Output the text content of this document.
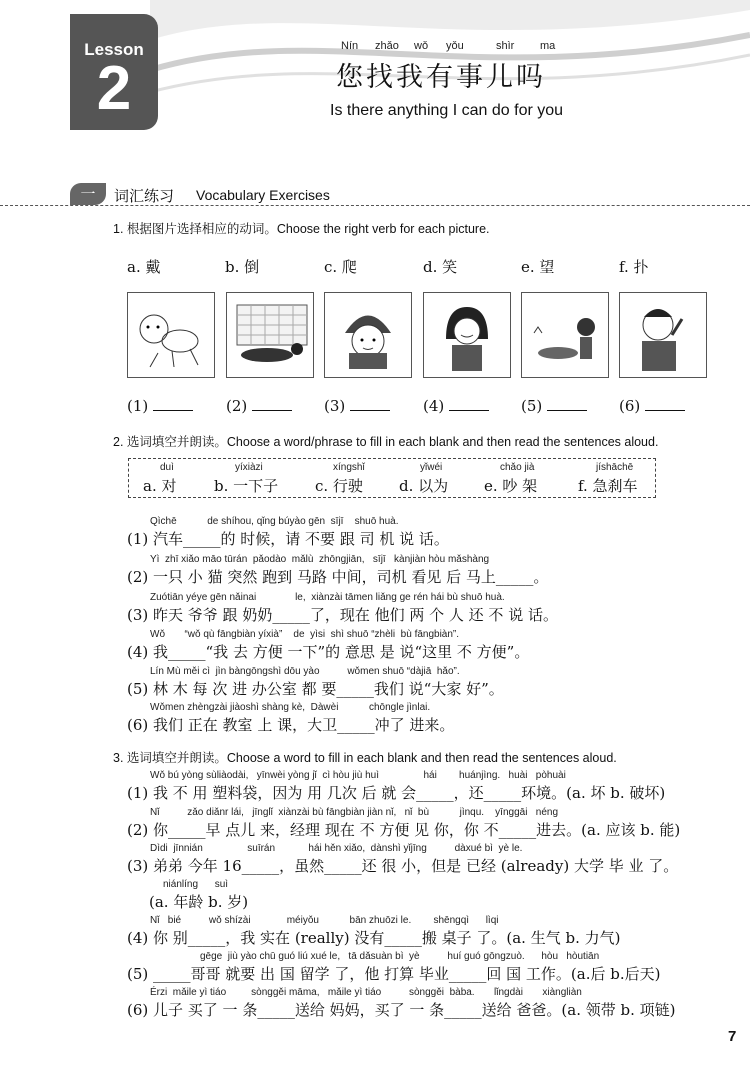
Lesson
2
Nín zhǎo wǒ yǒu	shìr ma
您找我有事儿吗
Is there anything I can do for you
一	词汇练习 Vocabulary Exercises
1. 根据图片选择相应的动词。Choose the right verb for each picture.
a. 戴	b. 倒	c. 爬	d. 笑	e. 望	f. 扑
(1)	(2)	(3)	(4)	(5)	(6)
2. 选词填空并朗读。Choose a word/phrase to fill in each blank and then read the sentences aloud.
duì
a. 对
yíxiàzi
b. 一下子
xíngshǐ
c. 行驶
yǐwéi
d. 以为
chǎo jià
e. 吵 架
jíshāchē
f. 急刹车
Qìchē           de shíhou, qǐng búyào gēn  sījī    shuō huà.
(1) 汽车_____的 时候，请 不要 跟 司 机 说 话。
Yì  zhī xiǎo māo tūrán  pǎodào  mǎlù  zhōngjiān,   sījī   kànjiàn hòu mǎshàng
(2) 一只 小 猫 突然 跑到 马路 中间，司机 看见 后 马上_____。
Zuótiān yéye gēn nǎinai              le,  xiànzài tāmen liǎng ge rén hái bù shuō huà.
(3) 昨天 爷爷 跟 奶奶_____了，现在 他们 两 个 人 还 不 说 话。
Wǒ       “wǒ qù fāngbiàn yíxià”    de  yìsi  shì shuō “zhèli  bù fāngbiàn”.
(4) 我_____“我 去 方便 一下”的 意思 是 说“这里 不 方便”。
Lín Mù měi cì  jìn bàngōngshì dōu yào          wǒmen shuō “dàjiā  hǎo”.
(5) 林 木 每 次 进 办公室 都 要_____我们 说“大家 好”。
Wǒmen zhèngzài jiàoshì shàng kè,  Dàwèi           chōngle jìnlai.
(6) 我们 正在 教室 上 课，大卫_____冲了 进来。
3. 选词填空并朗读。Choose a word to fill in each blank and then read the sentences aloud.
Wǒ bú yòng sùliàodài,   yīnwèi yòng jǐ  cì hòu jiù huì                hái        huánjìng.   huài   pòhuài
(1) 我 不 用 塑料袋，因为 用 几次 后 就 会_____，还_____环境。(a. 坏 b. 破坏)
Nǐ          zǎo diǎnr lái,   jīnglǐ  xiànzài bù fāngbiàn jiàn nǐ,   nǐ  bù           jìnqu.    yīnggāi   néng
(2) 你_____早 点儿 来，经理 现在 不 方便 见 你，你 不_____进去。(a. 应该 b. 能)
Dìdi  jīnnián                suīrán            hái hěn xiǎo,  dànshì yǐjīng          dàxué bì  yè le.
(3) 弟弟 今年 16_____，虽然_____还 很 小，但是 已经 (already) 大学 毕 业 了。
niánlíng      suì
(a. 年龄 b. 岁)
Nǐ   bié          wǒ shízài             méiyǒu           bān zhuōzi le.        shēngqì      lìqi
(4) 你 别_____，我 实在 (really) 没有_____搬 桌子 了。(a. 生气 b. 力气)
gēge  jiù yào chū guó liú xué le,   tā dǎsuàn bì  yè          huí guó gōngzuò.      hòu   hòutiān
(5) _____哥哥 就要 出 国 留学 了，他 打算 毕业_____回 国 工作。(a.后 b.后天)
Érzi  mǎile yì tiáo         sònggěi māma,   mǎile yì tiáo          sònggěi  bàba.       lǐngdài       xiàngliàn
(6) 儿子 买了 一 条_____送给 妈妈，买了 一 条_____送给 爸爸。(a. 领带 b. 项链)
7
